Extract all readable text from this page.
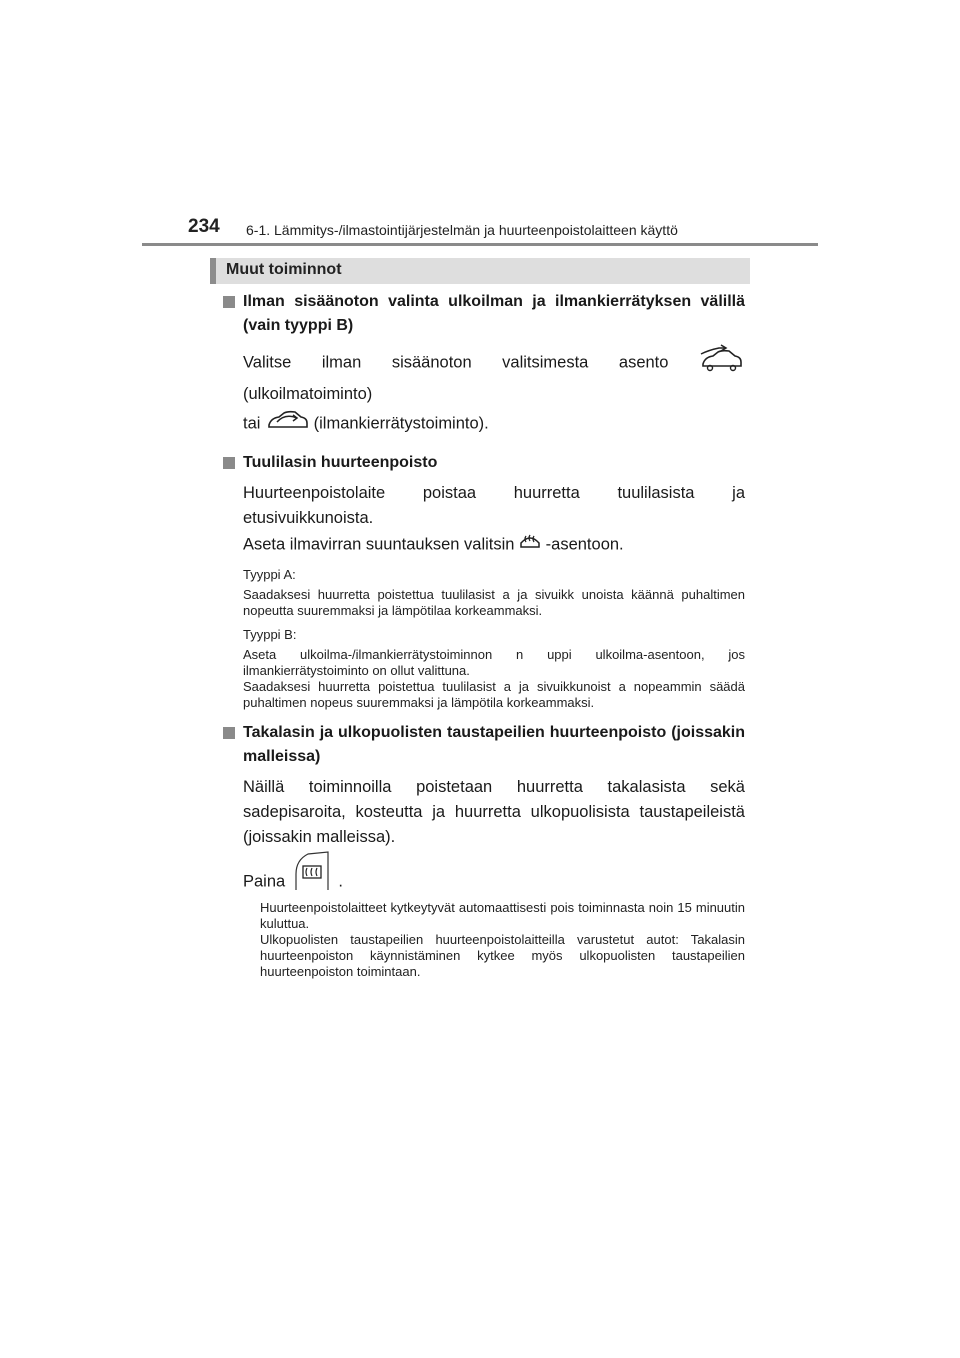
234 6-1. Lämmitys-/ilmastointijärjestelmän ja huurteenpoistolaitteen käyttö
Muut toiminnot
Ilman sisäänoton valinta ulkoilman ja ilmankierrätyksen välillä (vain tyyppi B)
Valitse ilman sisäänoton valitsimesta asento  (ulkoilmatoiminto)
tai	(ilmankierrätystoiminto).
Tuulilasin huurteenpoisto
Huurteenpoistolaite poistaa huurretta tuulilasista ja etusivuikkunoista.
Aseta ilmavirran suuntauksen valitsin -asentoon.
Tyyppi A:
Saadaksesi huurretta poistettua tuulilasist a ja sivuikk unoista käännä puhaltimen nopeutta suuremmaksi ja lämpötilaa korkeammaksi.
Tyyppi B:
Aseta ulkoilma-/ilmankierrätystoiminnon n uppi ulkoilma-asentoon, jos ilmankierrätystoiminto on ollut valittuna.
Saadaksesi huurretta poistettua tuulilasist a ja sivuikkunoist a nopeammin säädä puhaltimen nopeus suuremmaksi ja lämpötila korkeammaksi.
Takalasin ja ulkopuolisten taustapeilien huurteenpoisto (joissakin malleissa)
Näillä toiminnoilla poistetaan huurretta takalasista sekä sadepisaroita, kosteutta ja huurretta ulkopuolisista taustapeileistä (joissakin malleissa).
Paina	.
Huurteenpoistolaitteet kytkeytyvät automaattisesti pois toiminnasta noin 15 minuutin kuluttua.
Ulkopuolisten taustapeilien huurteenpoistolaitteilla varustetut autot: Takalasin huurteenpoiston käynnistäminen kytkee myös ulkopuolisten taustapeilien huurteenpoiston toimintaan.
